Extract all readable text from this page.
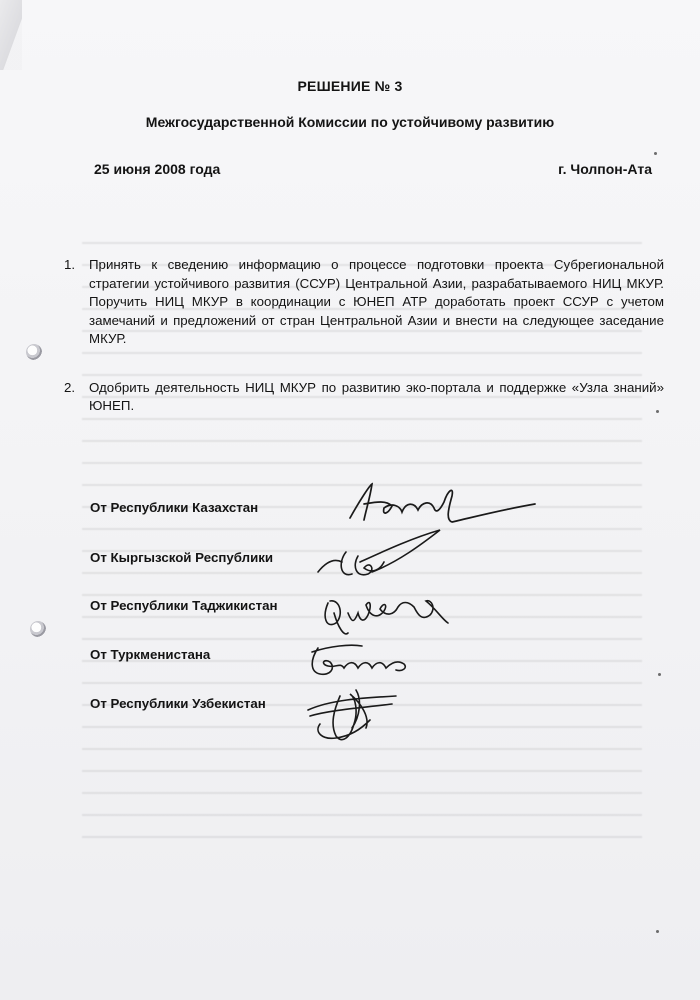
РЕШЕНИЕ № 3
Межгосударственной Комиссии по устойчивому развитию
25 июня 2008 года	г. Чолпон-Ата
1. Принять к сведению информацию о процессе подготовки проекта Субрегиональной стратегии устойчивого развития (ССУР) Центральной Азии, разрабатываемого НИЦ МКУР. Поручить НИЦ МКУР в координации с ЮНЕП АТР доработать проект ССУР с учетом замечаний и предложений от стран Центральной Азии и внести на следующее заседание МКУР.
2. Одобрить деятельность НИЦ МКУР по развитию эко-портала и поддержке «Узла знаний» ЮНЕП.
От Республики Казахстан
От Кыргызской Республики
От Республики Таджикистан
От Туркменистана
От Республики Узбекистан
